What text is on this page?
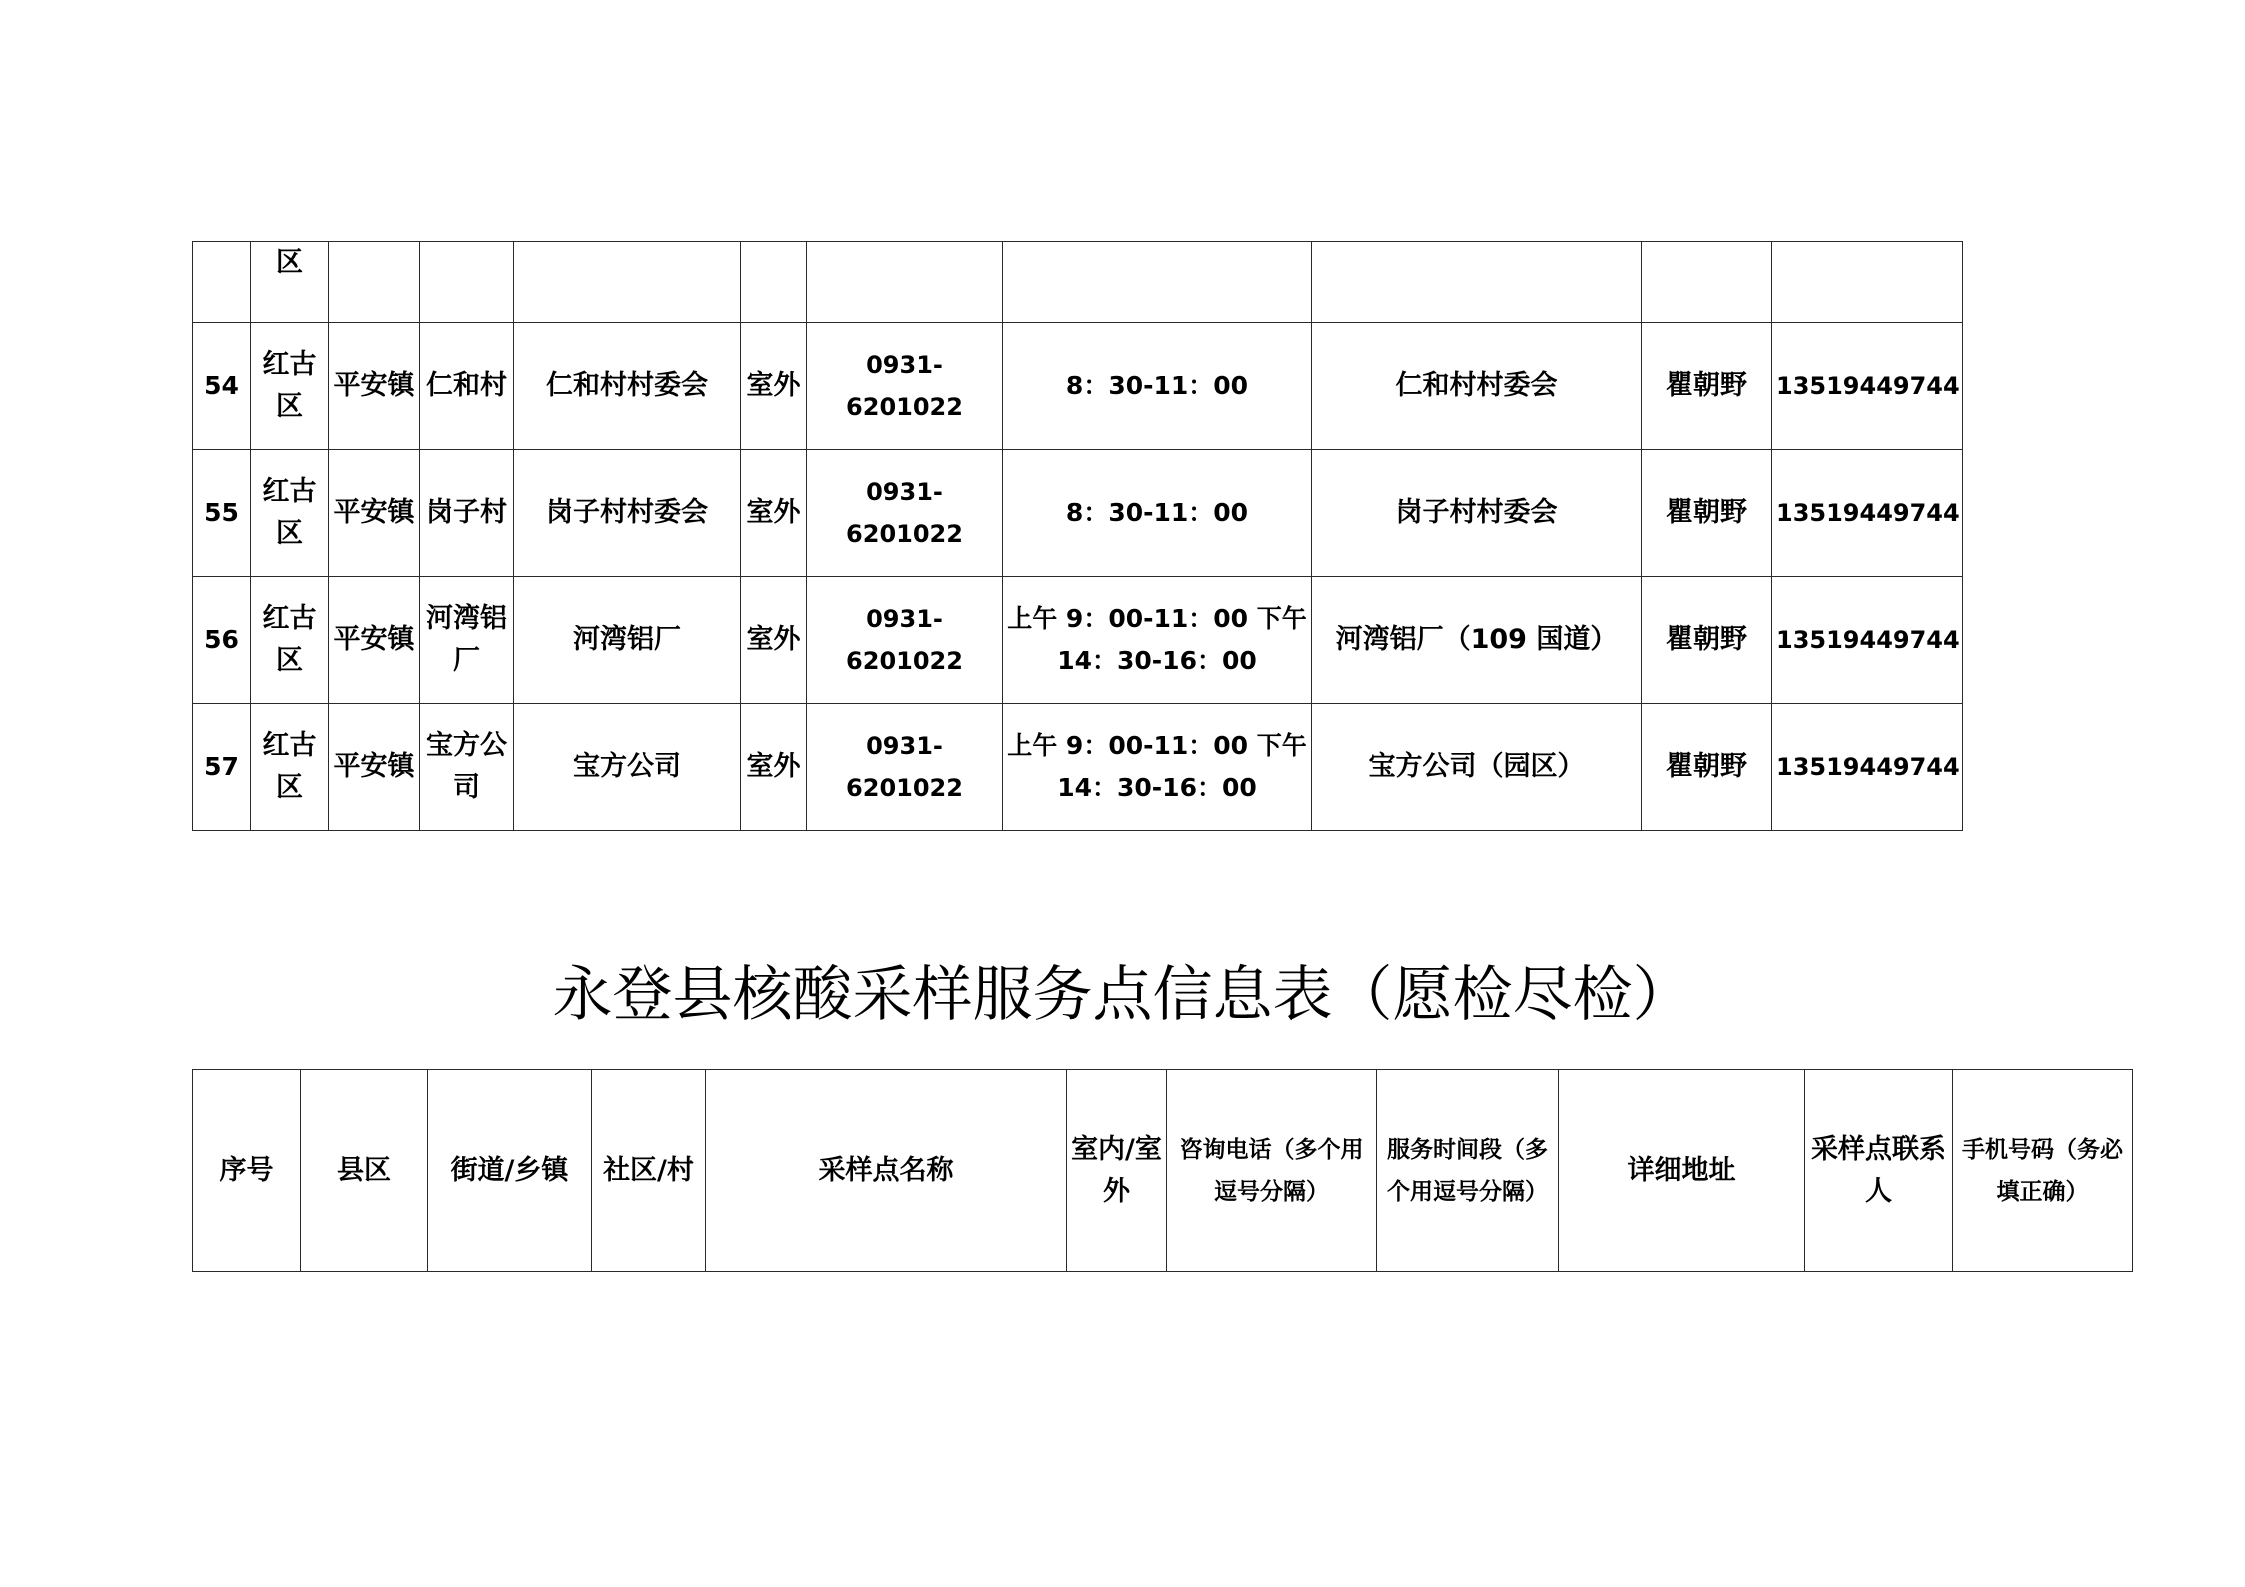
	区									
54	红古区	平安镇	仁和村	仁和村村委会	室外	0931-6201022	8：30-11：00	仁和村村委会	瞿朝野	13519449744
55	红古区	平安镇	岗子村	岗子村村委会	室外	0931-6201022	8：30-11：00	岗子村村委会	瞿朝野	13519449744
56	红古区	平安镇	河湾铝厂	河湾铝厂	室外	0931-6201022	上午 9：00-11：00 下午 14：30-16：00	河湾铝厂（109 国道）	瞿朝野	13519449744
57	红古区	平安镇	宝方公司	宝方公司	室外	0931-6201022	上午 9：00-11：00 下午 14：30-16：00	宝方公司（园区）	瞿朝野	13519449744
永登县核酸采样服务点信息表（愿检尽检）
序号	县区	街道/乡镇	社区/村	采样点名称	室内/室外	咨询电话（多个用逗号分隔）	服务时间段（多个用逗号分隔）	详细地址	采样点联系人	手机号码（务必填正确）
